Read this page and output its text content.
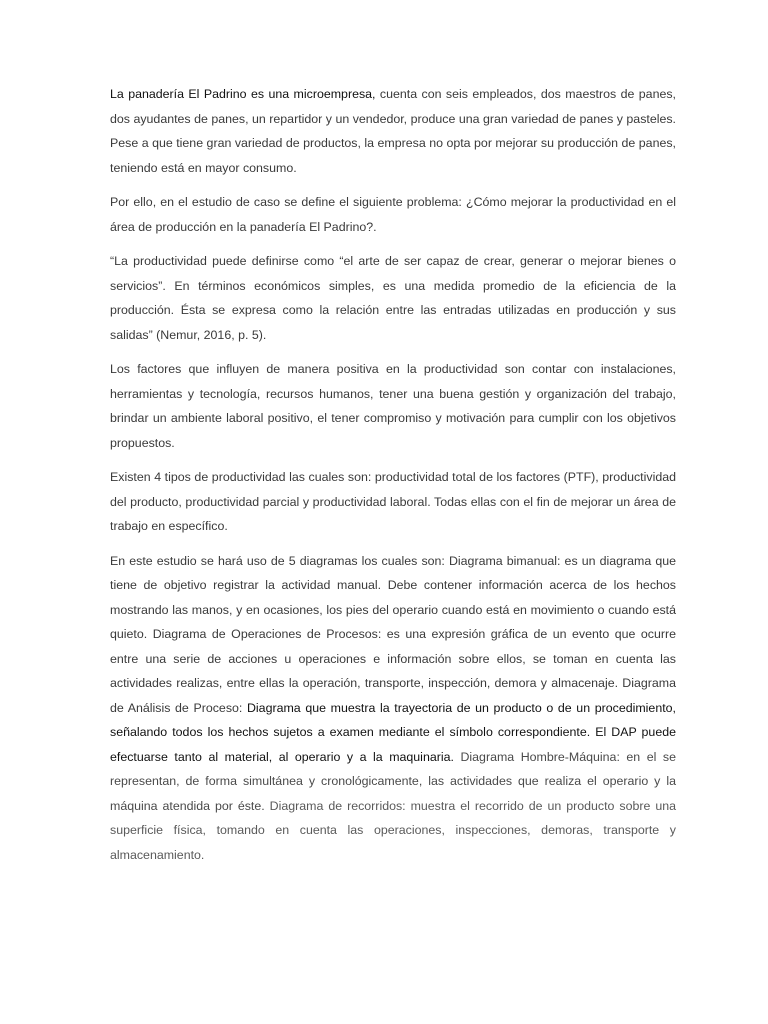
La panadería El Padrino es una microempresa, cuenta con seis empleados, dos maestros de panes, dos ayudantes de panes, un repartidor y un vendedor, produce una gran variedad de panes y pasteles. Pese a que tiene gran variedad de productos, la empresa no opta por mejorar su producción de panes, teniendo está en mayor consumo.

Por ello, en el estudio de caso se define el siguiente problema: ¿Cómo mejorar la productividad en el área de producción en la panadería El Padrino?.

“La productividad puede definirse como “el arte de ser capaz de crear, generar o mejorar bienes o servicios”. En términos económicos simples, es una medida promedio de la eficiencia de la producción. Ésta se expresa como la relación entre las entradas utilizadas en producción y sus salidas” (Nemur, 2016, p. 5).

Los factores que influyen de manera positiva en la productividad son contar con instalaciones, herramientas y tecnología, recursos humanos, tener una buena gestión y organización del trabajo, brindar un ambiente laboral positivo, el tener compromiso y motivación para cumplir con los objetivos propuestos.

Existen 4 tipos de productividad las cuales son: productividad total de los factores (PTF), productividad del producto, productividad parcial y productividad laboral. Todas ellas con el fin de mejorar un área de trabajo en específico.

En este estudio se hará uso de 5 diagramas los cuales son: Diagrama bimanual: es un diagrama que tiene de objetivo registrar la actividad manual. Debe contener información acerca de los hechos mostrando las manos, y en ocasiones, los pies del operario cuando está en movimiento o cuando está quieto. Diagrama de Operaciones de Procesos: es una expresión gráfica de un evento que ocurre entre una serie de acciones u operaciones e información sobre ellos, se toman en cuenta las actividades realizas, entre ellas la operación, transporte, inspección, demora y almacenaje. Diagrama de Análisis de Proceso: Diagrama que muestra la trayectoria de un producto o de un procedimiento, señalando todos los hechos sujetos a examen mediante el símbolo correspondiente. El DAP puede efectuarse tanto al material, al operario y a la maquinaria. Diagrama Hombre-Máquina: en el se representan, de forma simultánea y cronológicamente, las actividades que realiza el operario y la máquina atendida por éste. Diagrama de recorridos: muestra el recorrido de un producto sobre una superficie física, tomando en cuenta las operaciones, inspecciones, demoras, transporte y almacenamiento.
